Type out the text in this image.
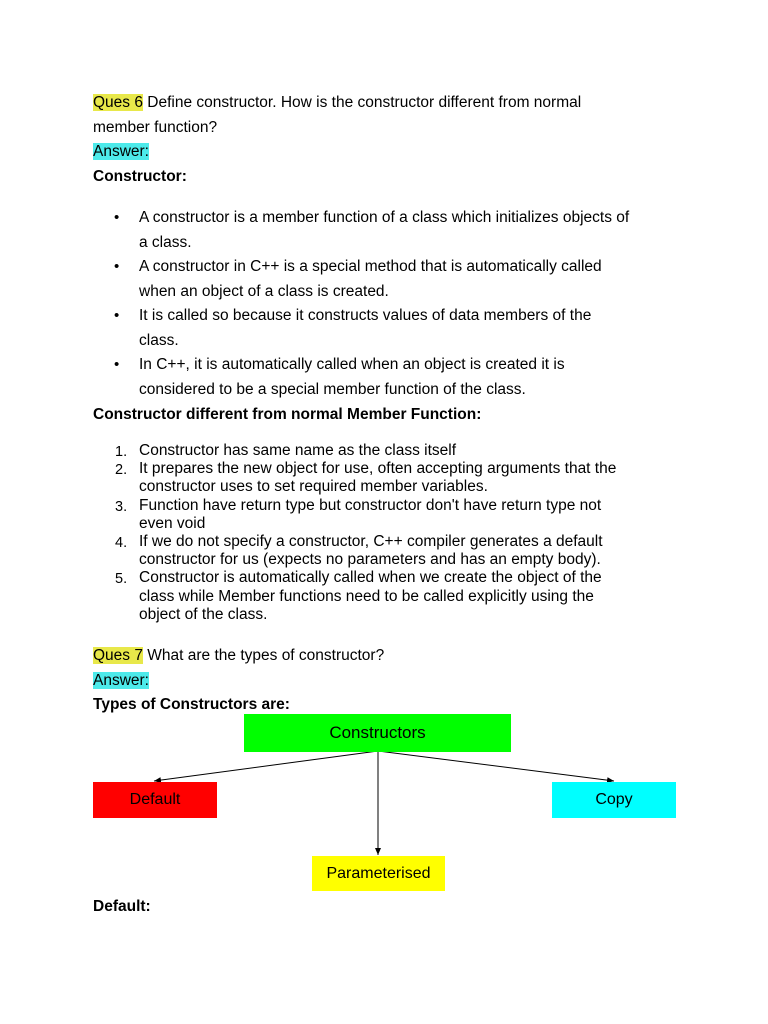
Ques 6 Define constructor. How is the constructor different from normal
member function?
Answer:
Constructor:
• A constructor is a member function of a class which initializes objects of
a class.
• A constructor in C++ is a special method that is automatically called
when an object of a class is created.
• It is called so because it constructs values of data members of the
class.
• In C++, it is automatically called when an object is created it is
considered to be a special member function of the class.
Constructor different from normal Member Function:
1. Constructor has same name as the class itself
2. It prepares the new object for use, often accepting arguments that the
constructor uses to set required member variables.
3. Function have return type but constructor don't have return type not
even void
4. If we do not specify a constructor, C++ compiler generates a default
constructor for us (expects no parameters and has an empty body).
5. Constructor is automatically called when we create the object of the
class while Member functions need to be called explicitly using the
object of the class.
Ques 7 What are the types of constructor?
Answer:
Types of Constructors are:
Constructors
Default	Copy
Parameterised
Default:
